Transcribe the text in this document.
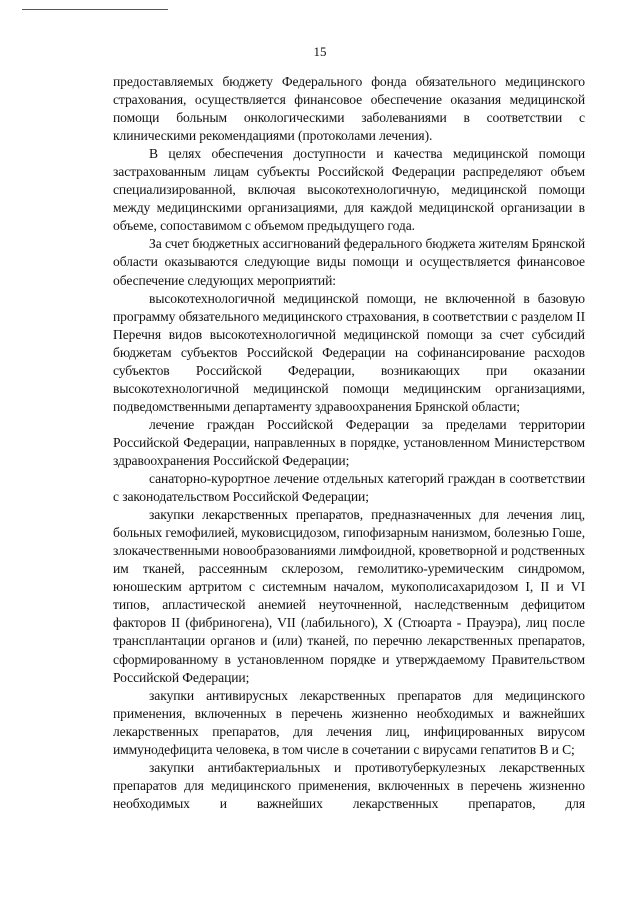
15

предоставляемых бюджету Федерального фонда обязательного медицинского страхования, осуществляется финансовое обеспечение оказания медицинской помощи больным онкологическими заболеваниями в соответствии с клиническими рекомендациями (протоколами лечения).

В целях обеспечения доступности и качества медицинской помощи застрахованным лицам субъекты Российской Федерации распределяют объем специализированной, включая высокотехнологичную, медицинской помощи между медицинскими организациями, для каждой медицинской организации в объеме, сопоставимом с объемом предыдущего года.

За счет бюджетных ассигнований федерального бюджета жителям Брянской области оказываются следующие виды помощи и осуществляется финансовое обеспечение следующих мероприятий:

высокотехнологичной медицинской помощи, не включенной в базовую программу обязательного медицинского страхования, в соответствии с разделом II Перечня видов высокотехнологичной медицинской помощи за счет субсидий бюджетам субъектов Российской Федерации на софинансирование расходов субъектов Российской Федерации, возникающих при оказании высокотехнологичной медицинской помощи медицинским организациями, подведомственными департаменту здравоохранения Брянской области;

лечение граждан Российской Федерации за пределами территории Российской Федерации, направленных в порядке, установленном Министерством здравоохранения Российской Федерации;

санаторно-курортное лечение отдельных категорий граждан в соответствии с законодательством Российской Федерации;

закупки лекарственных препаратов, предназначенных для лечения лиц, больных гемофилией, муковисцидозом, гипофизарным нанизмом, болезнью Гоше, злокачественными новообразованиями лимфоидной, кроветворной и родственных им тканей, рассеянным склерозом, гемолитико-уремическим синдромом, юношеским артритом с системным началом, мукополисахаридозом I, II и VI типов, апластической анемией неуточненной, наследственным дефицитом факторов II (фибриногена), VII (лабильного), X (Стюарта - Прауэра), лиц после трансплантации органов и (или) тканей, по перечню лекарственных препаратов, сформированному в установленном порядке и утверждаемому Правительством Российской Федерации;

закупки антивирусных лекарственных препаратов для медицинского применения, включенных в перечень жизненно необходимых и важнейших лекарственных препаратов, для лечения лиц, инфицированных вирусом иммунодефицита человека, в том числе в сочетании с вирусами гепатитов B и C;

закупки антибактериальных и противотуберкулезных лекарственных препаратов для медицинского применения, включенных в перечень жизненно необходимых и важнейших лекарственных препаратов, для
